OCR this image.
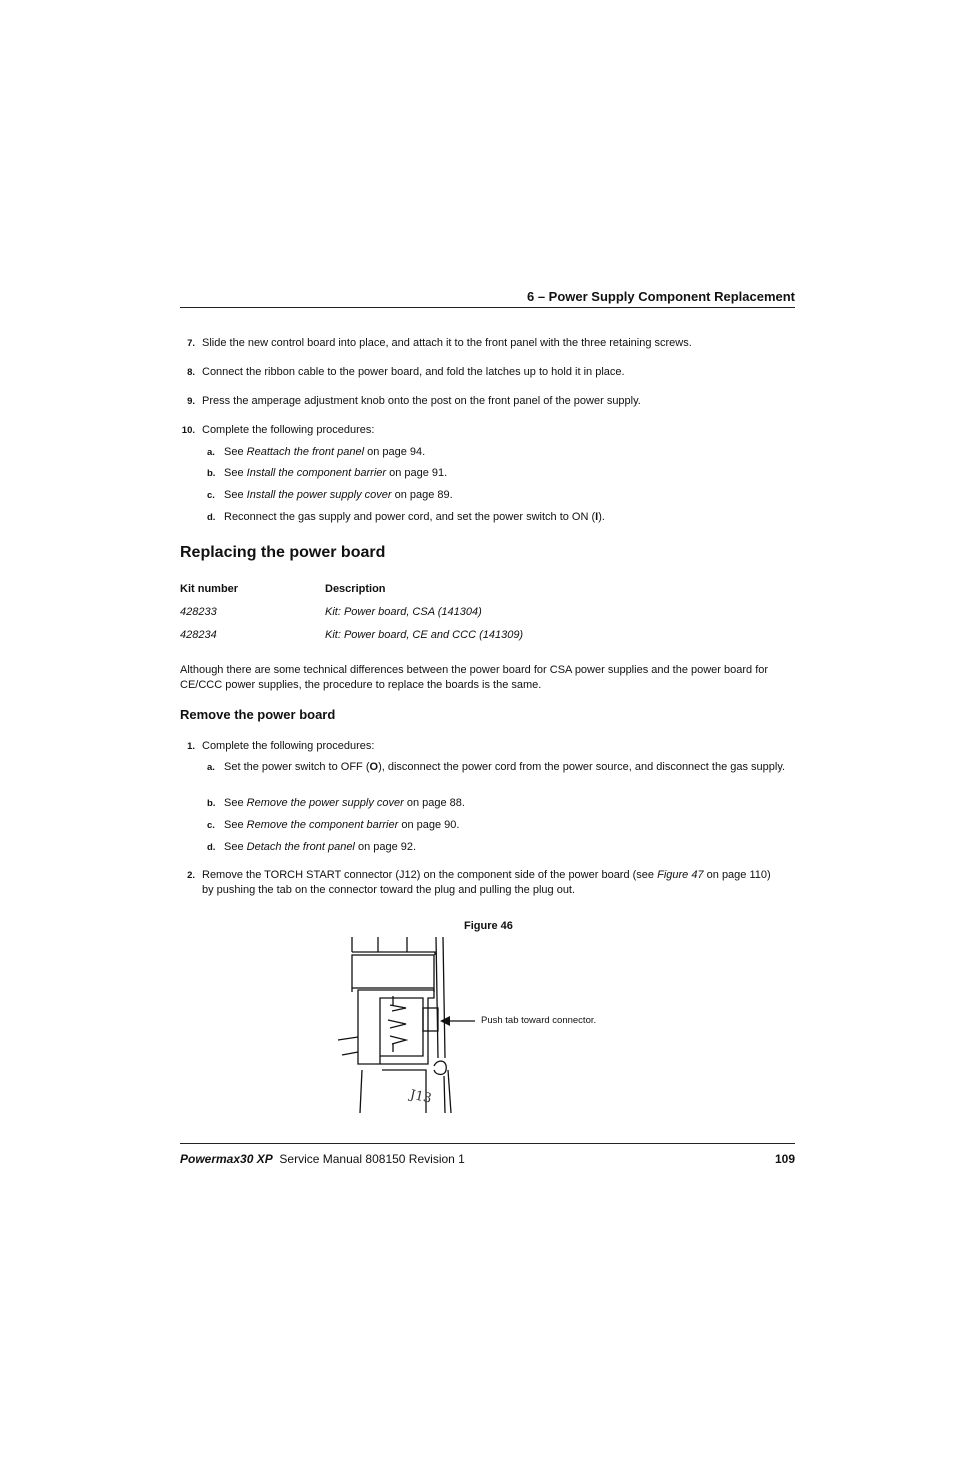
6 – Power Supply Component Replacement
7. Slide the new control board into place, and attach it to the front panel with the three retaining screws.
8. Connect the ribbon cable to the power board, and fold the latches up to hold it in place.
9. Press the amperage adjustment knob onto the post on the front panel of the power supply.
10. Complete the following procedures:
a. See Reattach the front panel on page 94.
b. See Install the component barrier on page 91.
c. See Install the power supply cover on page 89.
d. Reconnect the gas supply and power cord, and set the power switch to ON (I).
Replacing the power board
Kit number	Description
428233	Kit: Power board, CSA (141304)
428234	Kit: Power board, CE and CCC (141309)
Although there are some technical differences between the power board for CSA power supplies and the power board for CE/CCC power supplies, the procedure to replace the boards is the same.
Remove the power board
1. Complete the following procedures:
a. Set the power switch to OFF (O), disconnect the power cord from the power source, and disconnect the gas supply.
b. See Remove the power supply cover on page 88.
c. See Remove the component barrier on page 90.
d. See Detach the front panel on page 92.
2. Remove the TORCH START connector (J12) on the component side of the power board (see Figure 47 on page 110) by pushing the tab on the connector toward the plug and pulling the plug out.
Figure 46
J13
Push tab toward connector.
Powermax30 XP Service Manual 808150 Revision 1	109
